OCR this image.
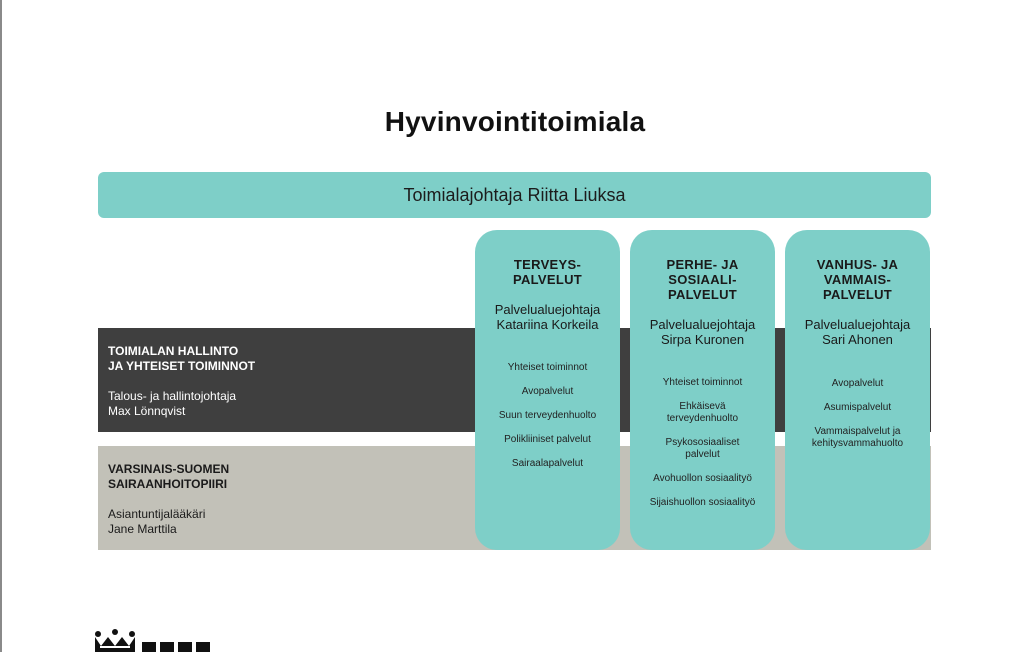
Hyvinvointitoimiala
Toimialajohtaja Riitta Liuksa
TOIMIALAN HALLINTO
JA YHTEISET TOIMINNOT
Talous- ja hallintojohtaja
Max Lönnqvist
VARSINAIS-SUOMEN
SAIRAANHOITOPIIRI
Asiantuntijalääkäri
Jane Marttila
TERVEYS-
PALVELUT
Palvelualuejohtaja
Katariina Korkeila
Yhteiset toiminnot
Avopalvelut
Suun terveydenhuolto
Polikliiniset palvelut
Sairaalapalvelut
PERHE- JA
SOSIAALI-
PALVELUT
Palvelualuejohtaja
Sirpa Kuronen
Yhteiset toiminnot
Ehkäisevä
terveydenhuolto
Psykososiaaliset
palvelut
Avohuollon sosiaalityö
Sijaishuollon sosiaalityö
VANHUS- JA
VAMMAIS-
PALVELUT
Palvelualuejohtaja
Sari Ahonen
Avopalvelut
Asumispalvelut
Vammaispalvelut ja
kehitysvammahuolto
